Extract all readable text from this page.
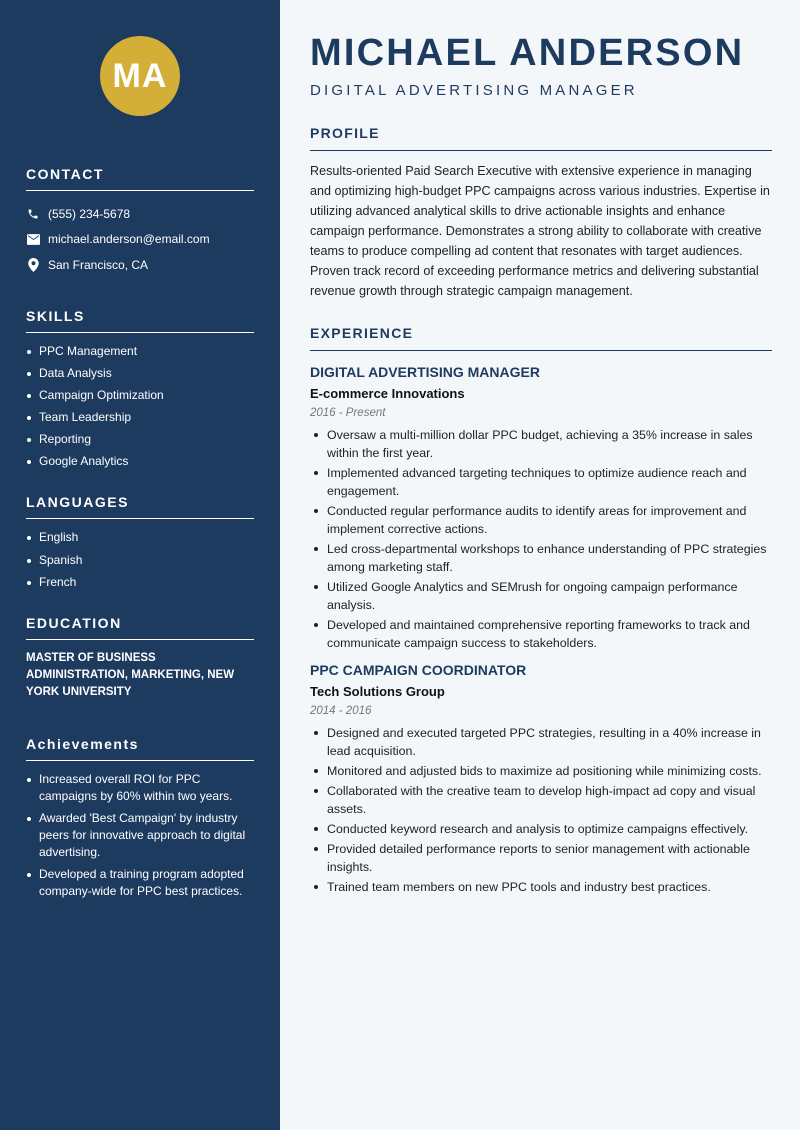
MA
CONTACT
(555) 234-5678
michael.anderson@email.com
San Francisco, CA
SKILLS
PPC Management
Data Analysis
Campaign Optimization
Team Leadership
Reporting
Google Analytics
LANGUAGES
English
Spanish
French
EDUCATION
MASTER OF BUSINESS ADMINISTRATION, MARKETING, NEW YORK UNIVERSITY
Achievements
Increased overall ROI for PPC campaigns by 60% within two years.
Awarded 'Best Campaign' by industry peers for innovative approach to digital advertising.
Developed a training program adopted company-wide for PPC best practices.
MICHAEL ANDERSON
DIGITAL ADVERTISING MANAGER
PROFILE

Results-oriented Paid Search Executive with extensive experience in managing and optimizing high-budget PPC campaigns across various industries. Expertise in utilizing advanced analytical skills to drive actionable insights and enhance campaign performance. Demonstrates a strong ability to collaborate with creative teams to produce compelling ad content that resonates with target audiences. Proven track record of exceeding performance metrics and delivering substantial revenue growth through strategic campaign management.

EXPERIENCE
DIGITAL ADVERTISING MANAGER
E-commerce Innovations
2016 - Present
Oversaw a multi-million dollar PPC budget, achieving a 35% increase in sales within the first year.
Implemented advanced targeting techniques to optimize audience reach and engagement.
Conducted regular performance audits to identify areas for improvement and implement corrective actions.
Led cross-departmental workshops to enhance understanding of PPC strategies among marketing staff.
Utilized Google Analytics and SEMrush for ongoing campaign performance analysis.
Developed and maintained comprehensive reporting frameworks to track and communicate campaign success to stakeholders.
PPC CAMPAIGN COORDINATOR
Tech Solutions Group
2014 - 2016
Designed and executed targeted PPC strategies, resulting in a 40% increase in lead acquisition.
Monitored and adjusted bids to maximize ad positioning while minimizing costs.
Collaborated with the creative team to develop high-impact ad copy and visual assets.
Conducted keyword research and analysis to optimize campaigns effectively.
Provided detailed performance reports to senior management with actionable insights.
Trained team members on new PPC tools and industry best practices.
